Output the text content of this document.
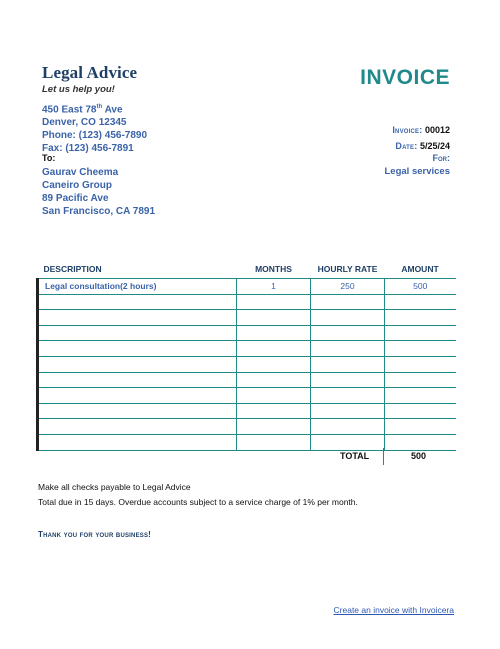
Legal Advice
Let us help you!
INVOICE
450 East 78th Ave
Denver, CO 12345
Phone: (123) 456-7890
Fax: (123) 456-7891
To:
Gaurav Cheema
Caneiro Group
89 Pacific Ave
San Francisco, CA 7891
Invoice: 00012
Date: 5/25/24
For:
Legal services
DESCRIPTION	MONTHS	HOURLY RATE	AMOUNT
Legal consultation(2 hours)	1	250	500

TOTAL	500
Make all checks payable to Legal Advice
Total due in 15 days. Overdue accounts subject to a service charge of 1% per month.
Thank you for your business!
Create an invoice with Invoicera
